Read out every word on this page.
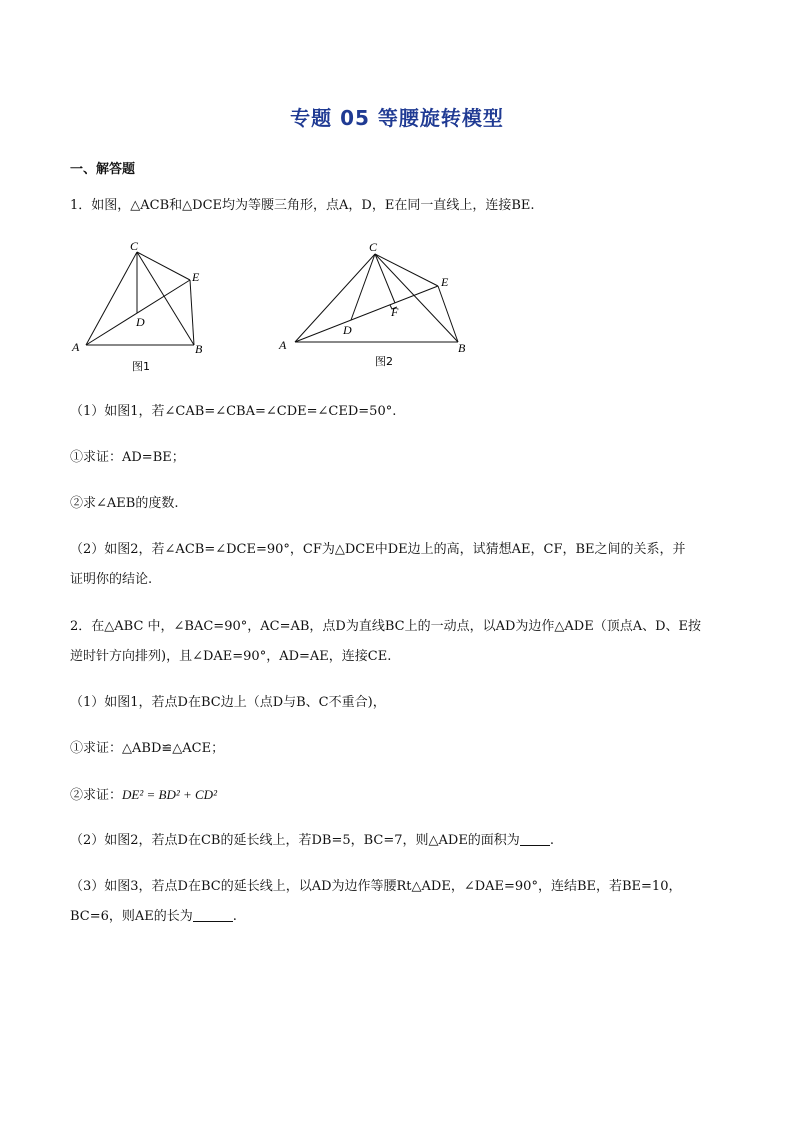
专题 05 等腰旋转模型
一、解答题
1．如图，△ACB和△DCE均为等腰三角形，点A，D，E在同一直线上，连接BE.
C
E
D
A	B
图1
C
E
F
D
A	B
图2
（1）如图1，若∠CAB=∠CBA=∠CDE=∠CED=50°.
①求证：AD=BE；
②求∠AEB的度数.
（2）如图2，若∠ACB=∠DCE=90°，CF为△DCE中DE边上的高，试猜想AE，CF，BE之间的关系，并
证明你的结论.
2．在△ABC 中，∠BAC=90°，AC=AB，点D为直线BC上的一动点，以AD为边作△ADE（顶点A、D、E按
逆时针方向排列)，且∠DAE=90°，AD=AE，连接CE.
（1）如图1，若点D在BC边上（点D与B、C不重合)，
①求证：△ABD≌△ACE；
②求证：DE² = BD² + CD²
（2）如图2，若点D在CB的延长线上，若DB=5，BC=7，则△ADE的面积为 .
（3）如图3，若点D在BC的延长线上，以AD为边作等腰Rt△ADE，∠DAE=90°，连结BE，若BE=10，
BC=6，则AE的长为	.
